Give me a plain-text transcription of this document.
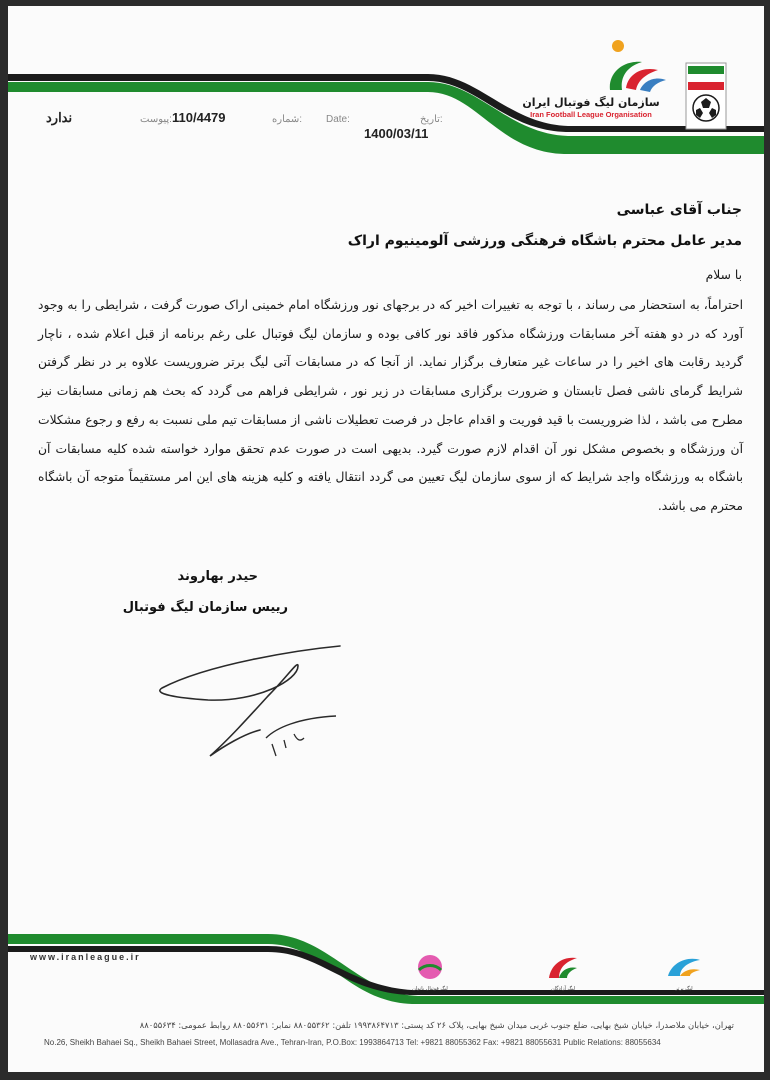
سازمان لیگ فوتبال ایران
Iran Football League Organisation
ندارد	پیوست: 110/4479	شماره: Date:	تاریخ:
1400/03/11
جناب آقای عباسی
مدیر عامل محترم باشگاه فرهنگی ورزشی آلومینیوم اراک
با سلام

احتراماً، به استحضار می رساند ، با توجه به تغییرات اخیر که در برجهای نور ورزشگاه امام خمینی اراک صورت گرفت ، شرایطی را به وجود آورد که در دو هفته آخر مسابقات ورزشگاه مذکور فاقد نور کافی بوده و سازمان لیگ فوتبال علی رغم برنامه از قبل اعلام شده ، ناچار گردید رقابت های اخیر را در ساعات غیر متعارف برگزار نماید. از آنجا که در مسابقات آتی لیگ برتر ضروریست علاوه بر در نظر گرفتن شرایط گرمای ناشی فصل تابستان و ضرورت برگزاری مسابقات در زیر نور ، شرایطی فراهم می گردد که بحث هم زمانی مسابقات نیز مطرح می باشد ، لذا ضروریست با قید فوریت و اقدام عاجل در فرصت تعطیلات ناشی از مسابقات تیم ملی نسبت به رفع و رجوع مشکلات آن ورزشگاه و بخصوص مشکل نور آن اقدام لازم صورت گیرد. بدیهی است در صورت عدم تحقق موارد خواسته شده کلیه مسابقات آن باشگاه به ورزشگاه واجد شرایط که از سوی سازمان لیگ تعیین می گردد انتقال یافته و کلیه هزینه های این امر مستقیماً متوجه آن باشگاه محترم می باشد.

حیدر بهاروند
رییس سازمان لیگ فوتبال
www.iranleague.ir
لیگ فوتبال بانوان	لیگ آزادگان	لیگ برتر
تهران، خیابان ملاصدرا، خیابان شیخ بهایی، ضلع جنوب غربی میدان شیخ بهایی، پلاک ۲۶ کد پستی: ۱۹۹۳۸۶۴۷۱۳ تلفن: ۸۸۰۵۵۳۶۲ نمابر: ۸۸۰۵۵۶۳۱ روابط عمومی: ۸۸۰۵۵۶۳۴
No.26, Sheikh Bahaei Sq., Sheikh Bahaei Street, Mollasadra Ave., Tehran-Iran, P.O.Box: 1993864713 Tel: +9821 88055362 Fax: +9821 88055631 Public Relations: 88055634
